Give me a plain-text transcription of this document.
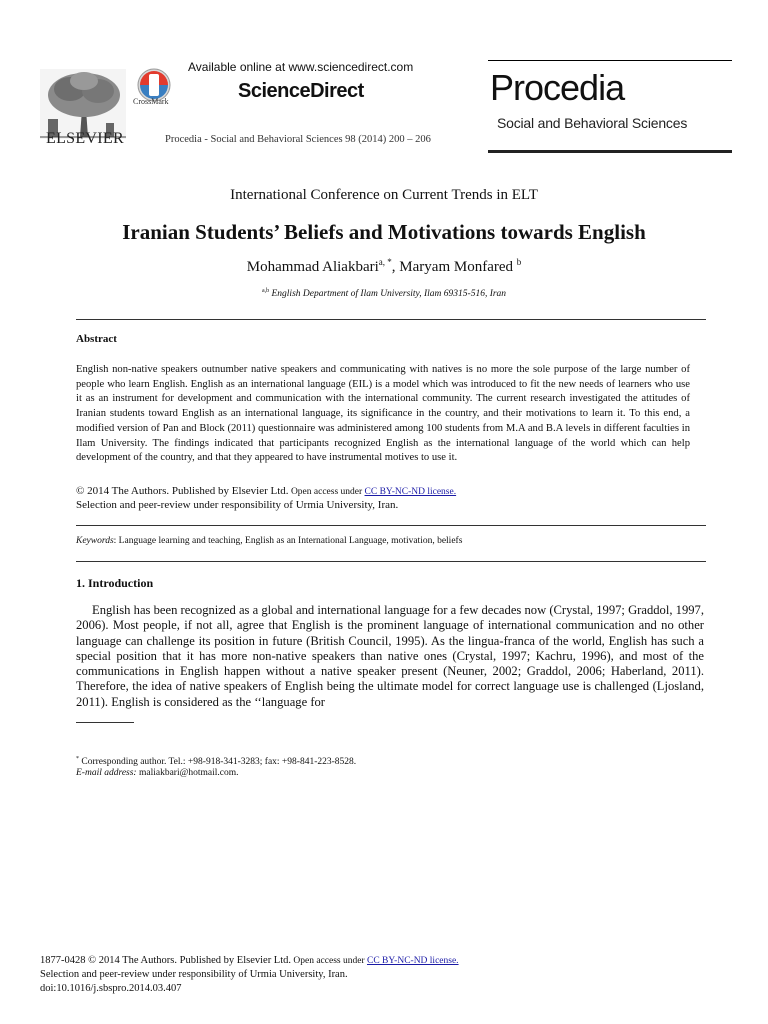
ELSEVIER
CrossMark
Available online at www.sciencedirect.com
ScienceDirect
Procedia - Social and Behavioral Sciences 98 (2014) 200 – 206
Procedia
Social and Behavioral Sciences
International Conference on Current Trends in ELT
Iranian Students’ Beliefs and Motivations towards English
Mohammad Aliakbari$^{a, *}$, Maryam Monfared $^b$
$^{a,b}$ English Department of Ilam University, Ilam 69315-516, Iran
Abstract
English non-native speakers outnumber native speakers and communicating with natives is no more the sole purpose of the large number of people who learn English. English as an international language (EIL) is a model which was introduced to fit the new needs of learners who use it as an instrument for development and communication with the international community. The current research investigated the attitudes of Iranian students toward English as an international language, its significance in the country, and their motivations to learn it. To this end, a modified version of Pan and Block (2011) questionnaire was administered among 100 students from M.A and B.A levels in different faculties in Ilam University. The findings indicated that participants recognized English as the international language of the world which can help development of the country, and that they appeared to have instrumental motives to use it.
© 2014 The Authors. Published by Elsevier Ltd. Open access under CC BY-NC-ND license.
Selection and peer-review under responsibility of Urmia University, Iran.
Keywords: Language learning and teaching, English as an International Language, motivation, beliefs
1. Introduction
English has been recognized as a global and international language for a few decades now (Crystal, 1997; Graddol, 1997, 2006). Most people, if not all, agree that English is the prominent language of international communication and no other language can challenge its position in future (British Council, 1995). As the lingua-franca of the world, English has such a special position that it has more non-native speakers than native ones (Crystal, 1997; Kachru, 1996), and most of the communications in English happen without a native speaker present (Neuner, 2002; Graddol, 2006; Haberland, 2011). Therefore, the idea of native speakers of English being the ultimate model for correct language use is challenged (Ljosland, 2011). English is considered as the ‘‘language for
* Corresponding author. Tel.: +98-918-341-3283; fax: +98-841-223-8528.
E-mail address: maliakbari@hotmail.com.
1877-0428 © 2014 The Authors. Published by Elsevier Ltd. Open access under CC BY-NC-ND license.
Selection and peer-review under responsibility of Urmia University, Iran.
doi:10.1016/j.sbspro.2014.03.407
